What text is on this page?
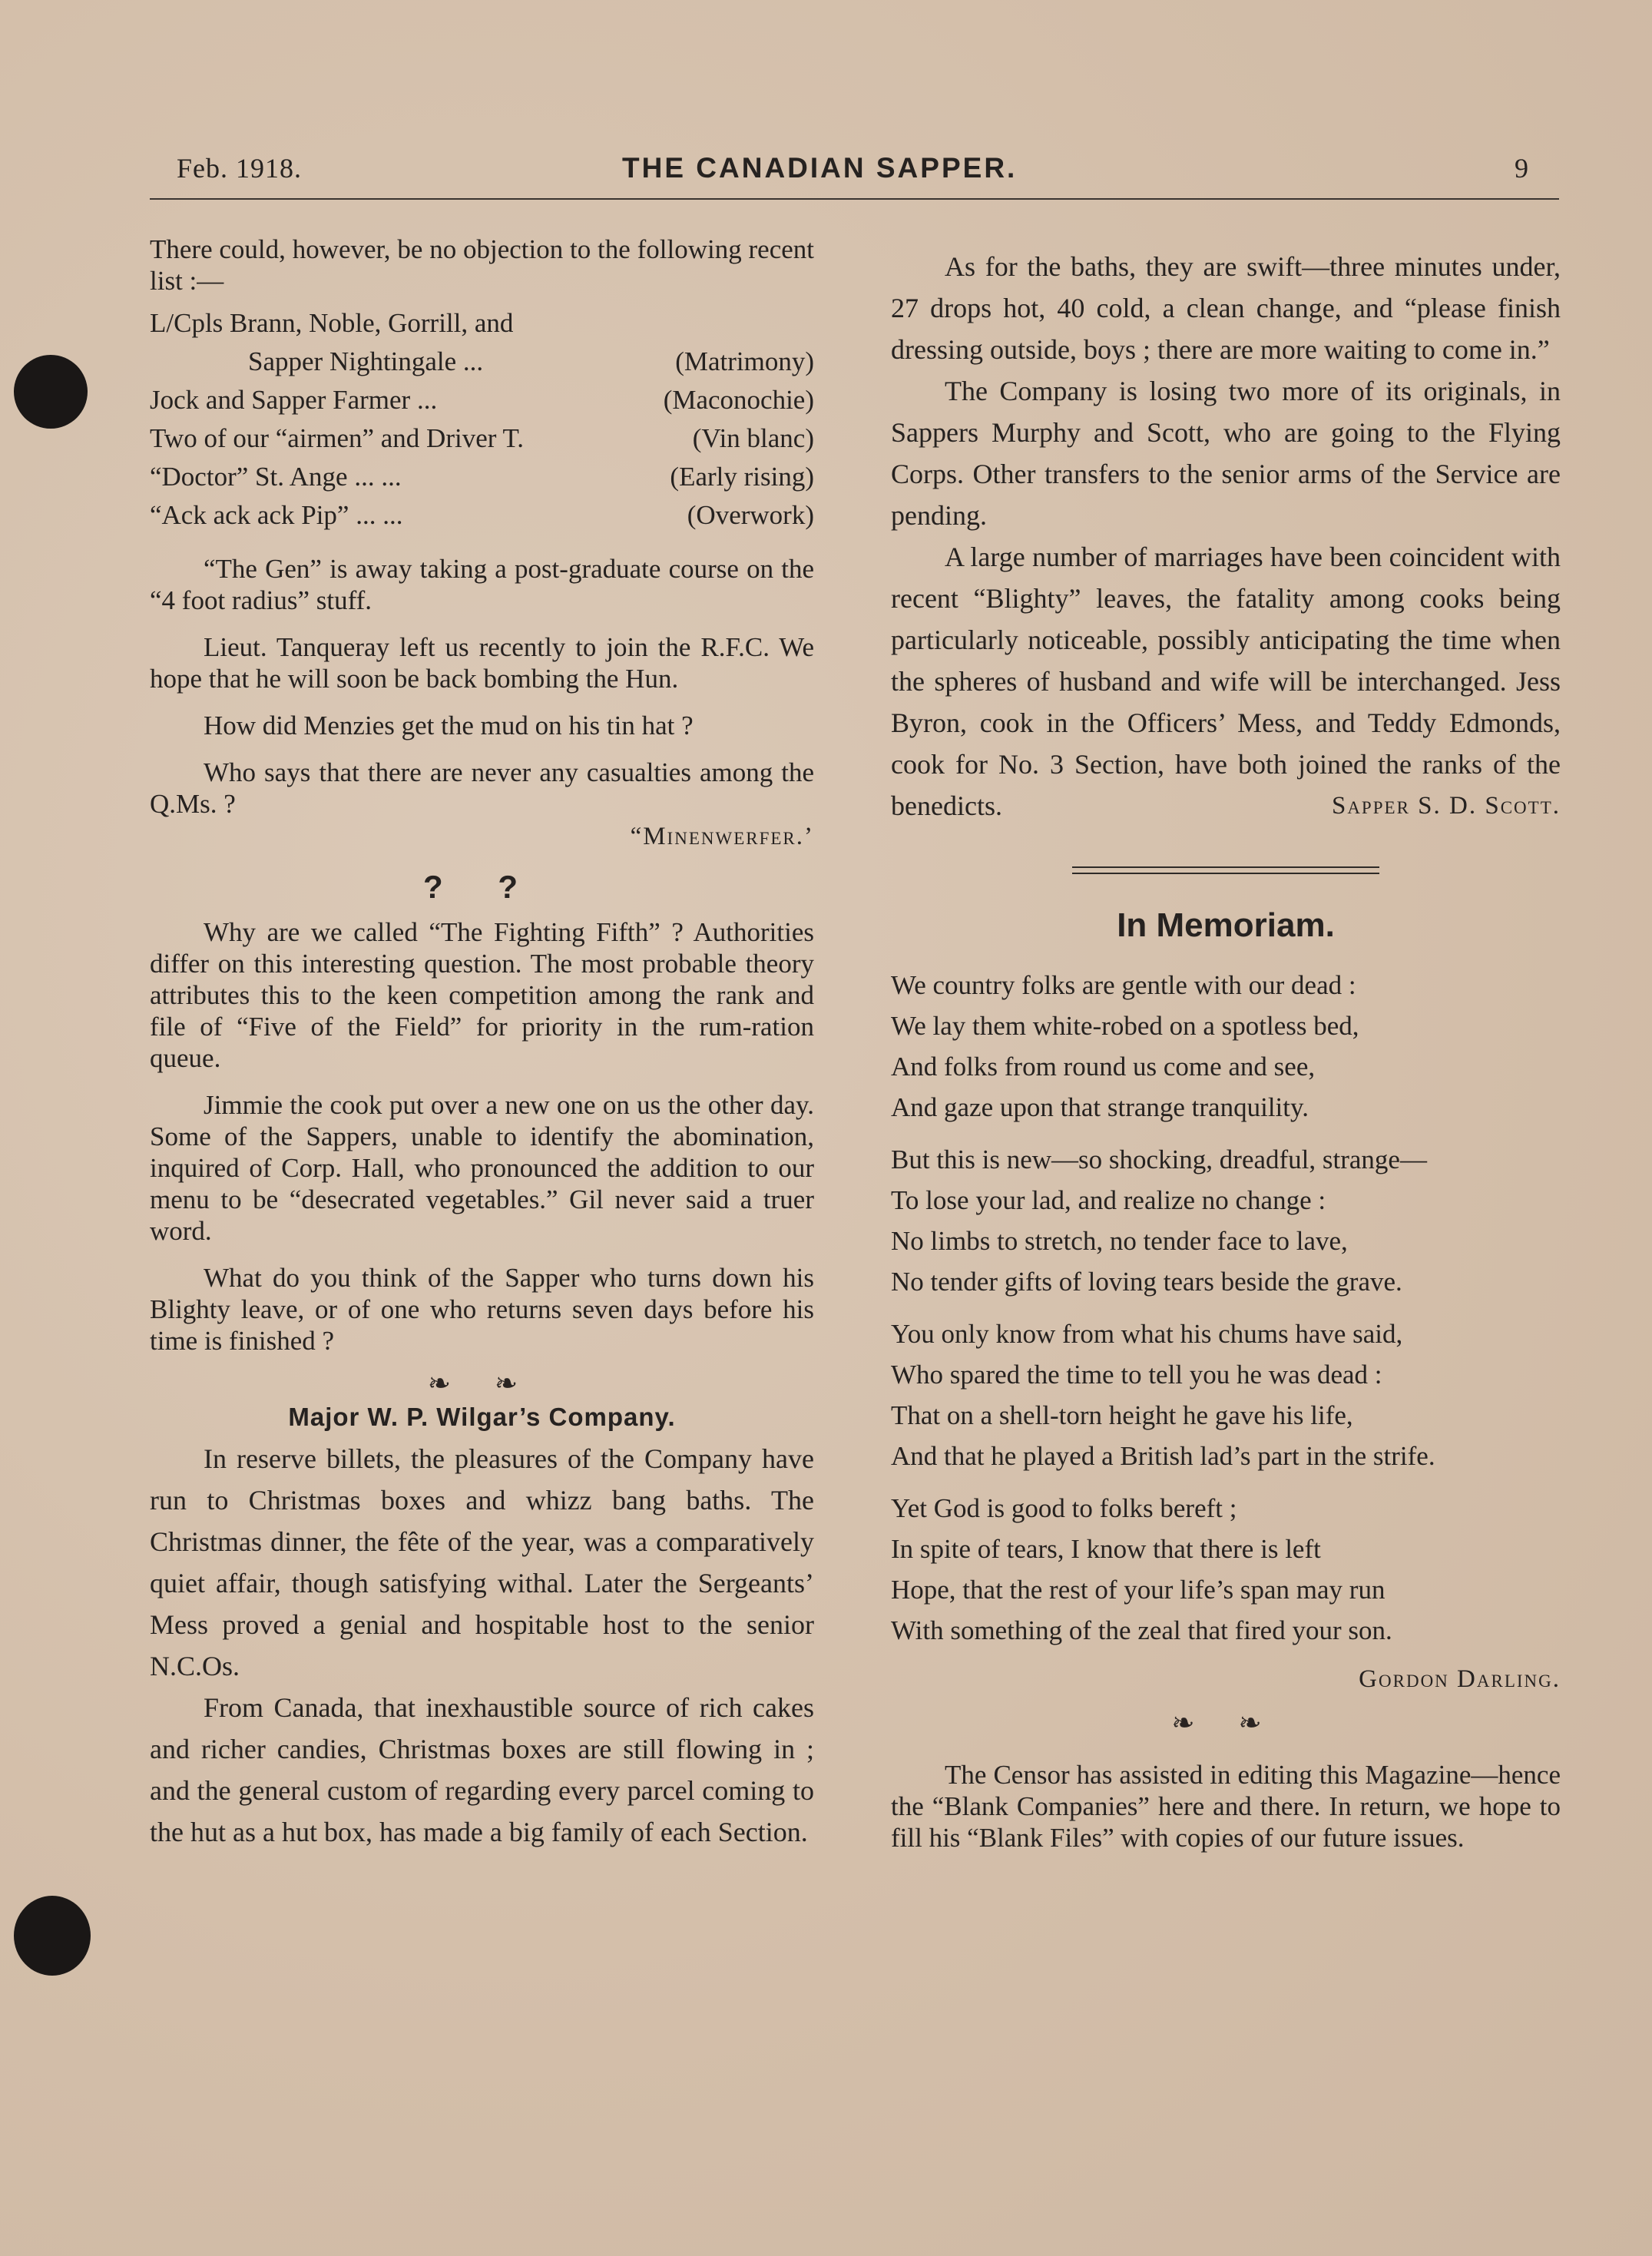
Feb. 1918.	THE CANADIAN SAPPER.	9

There could, however, be no objection to the following recent list :—

L/Cpls Brann, Noble, Gorrill, and
Sapper Nightingale ...	(Matrimony)
Jock and Sapper Farmer ...	(Maconochie)
Two of our “airmen” and Driver T.	(Vin blanc)
“Doctor” St. Ange ... ...	(Early rising)
“Ack ack ack Pip” ... ...	(Overwork)

“The Gen” is away taking a post-graduate course on the “4 foot radius” stuff.

Lieut. Tanqueray left us recently to join the R.F.C. We hope that he will soon be back bombing the Hun.

How did Menzies get the mud on his tin hat ?

Who says that there are never any casualties among the Q.Ms. ?

“Minenwerfer.’

? ?

Why are we called “The Fighting Fifth” ? Authorities differ on this interesting question. The most probable theory attributes this to the keen competition among the rank and file of “Five of the Field” for priority in the rum-ration queue.

Jimmie the cook put over a new one on us the other day. Some of the Sappers, unable to identify the abomination, inquired of Corp. Hall, who pronounced the addition to our menu to be “desecrated vegetables.” Gil never said a truer word.

What do you think of the Sapper who turns down his Blighty leave, or of one who returns seven days before his time is finished ?

❧ ❧
Major W. P. Wilgar’s Company.

In reserve billets, the pleasures of the Company have run to Christmas boxes and whizz bang baths. The Christmas dinner, the fête of the year, was a comparatively quiet affair, though satisfying withal. Later the Sergeants’ Mess proved a genial and hospitable host to the senior N.C.Os.

From Canada, that inexhaustible source of rich cakes and richer candies, Christmas boxes are still flowing in ; and the general custom of regarding every parcel coming to the hut as a hut box, has made a big family of each Section.

As for the baths, they are swift—three minutes under, 27 drops hot, 40 cold, a clean change, and “please finish dressing outside, boys ; there are more waiting to come in.”

The Company is losing two more of its originals, in Sappers Murphy and Scott, who are going to the Flying Corps. Other transfers to the senior arms of the Service are pending.

A large number of marriages have been coincident with recent “Blighty” leaves, the fatality among cooks being particularly noticeable, possibly anticipating the time when the spheres of husband and wife will be interchanged. Jess Byron, cook in the Officers’ Mess, and Teddy Edmonds, cook for No. 3 Section, have both joined the ranks of the benedicts.	Sapper S. D. Scott.

In Memoriam.
We country folks are gentle with our dead :
We lay them white-robed on a spotless bed,
And folks from round us come and see,
And gaze upon that strange tranquility.
But this is new—so shocking, dreadful, strange—
To lose your lad, and realize no change :
No limbs to stretch, no tender face to lave,
No tender gifts of loving tears beside the grave.
You only know from what his chums have said,
Who spared the time to tell you he was dead :
That on a shell-torn height he gave his life,
And that he played a British lad’s part in the strife.
Yet God is good to folks bereft ;
In spite of tears, I know that there is left
Hope, that the rest of your life’s span may run
With something of the zeal that fired your son.

Gordon Darling.

❧ ❧

The Censor has assisted in editing this Magazine—hence the “Blank Companies” here and there. In return, we hope to fill his “Blank Files” with copies of our future issues.
